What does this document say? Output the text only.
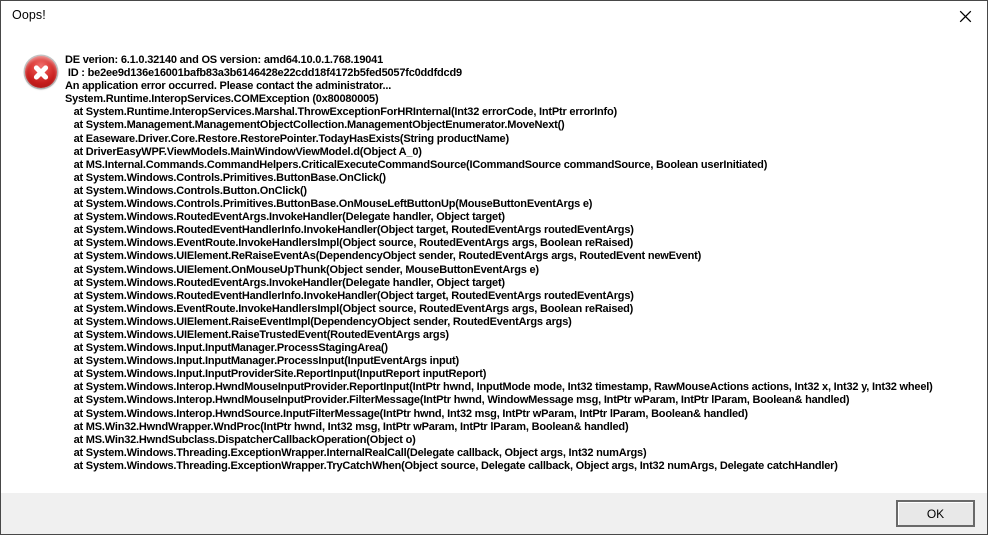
Oops!
DE verion: 6.1.0.32140 and OS version: amd64.10.0.1.768.19041
ID : be2ee9d136e16001bafb83a3b6146428e22cdd18f4172b5fed5057fc0ddfdcd9
An application error occurred. Please contact the administrator...
System.Runtime.InteropServices.COMException (0x80080005)
at System.Runtime.InteropServices.Marshal.ThrowExceptionForHRInternal(Int32 errorCode, IntPtr errorInfo)
at System.Management.ManagementObjectCollection.ManagementObjectEnumerator.MoveNext()
at Easeware.Driver.Core.Restore.RestorePointer.TodayHasExists(String productName)
at DriverEasyWPF.ViewModels.MainWindowViewModel.d(Object A_0)
at MS.Internal.Commands.CommandHelpers.CriticalExecuteCommandSource(ICommandSource commandSource, Boolean userInitiated)
at System.Windows.Controls.Primitives.ButtonBase.OnClick()
at System.Windows.Controls.Button.OnClick()
at System.Windows.Controls.Primitives.ButtonBase.OnMouseLeftButtonUp(MouseButtonEventArgs e)
at System.Windows.RoutedEventArgs.InvokeHandler(Delegate handler, Object target)
at System.Windows.RoutedEventHandlerInfo.InvokeHandler(Object target, RoutedEventArgs routedEventArgs)
at System.Windows.EventRoute.InvokeHandlersImpl(Object source, RoutedEventArgs args, Boolean reRaised)
at System.Windows.UIElement.ReRaiseEventAs(DependencyObject sender, RoutedEventArgs args, RoutedEvent newEvent)
at System.Windows.UIElement.OnMouseUpThunk(Object sender, MouseButtonEventArgs e)
at System.Windows.RoutedEventArgs.InvokeHandler(Delegate handler, Object target)
at System.Windows.RoutedEventHandlerInfo.InvokeHandler(Object target, RoutedEventArgs routedEventArgs)
at System.Windows.EventRoute.InvokeHandlersImpl(Object source, RoutedEventArgs args, Boolean reRaised)
at System.Windows.UIElement.RaiseEventImpl(DependencyObject sender, RoutedEventArgs args)
at System.Windows.UIElement.RaiseTrustedEvent(RoutedEventArgs args)
at System.Windows.Input.InputManager.ProcessStagingArea()
at System.Windows.Input.InputManager.ProcessInput(InputEventArgs input)
at System.Windows.Input.InputProviderSite.ReportInput(InputReport inputReport)
at System.Windows.Interop.HwndMouseInputProvider.ReportInput(IntPtr hwnd, InputMode mode, Int32 timestamp, RawMouseActions actions, Int32 x, Int32 y, Int32 wheel)
at System.Windows.Interop.HwndMouseInputProvider.FilterMessage(IntPtr hwnd, WindowMessage msg, IntPtr wParam, IntPtr lParam, Boolean& handled)
at System.Windows.Interop.HwndSource.InputFilterMessage(IntPtr hwnd, Int32 msg, IntPtr wParam, IntPtr lParam, Boolean& handled)
at MS.Win32.HwndWrapper.WndProc(IntPtr hwnd, Int32 msg, IntPtr wParam, IntPtr lParam, Boolean& handled)
at MS.Win32.HwndSubclass.DispatcherCallbackOperation(Object o)
at System.Windows.Threading.ExceptionWrapper.InternalRealCall(Delegate callback, Object args, Int32 numArgs)
at System.Windows.Threading.ExceptionWrapper.TryCatchWhen(Object source, Delegate callback, Object args, Int32 numArgs, Delegate catchHandler)
OK
